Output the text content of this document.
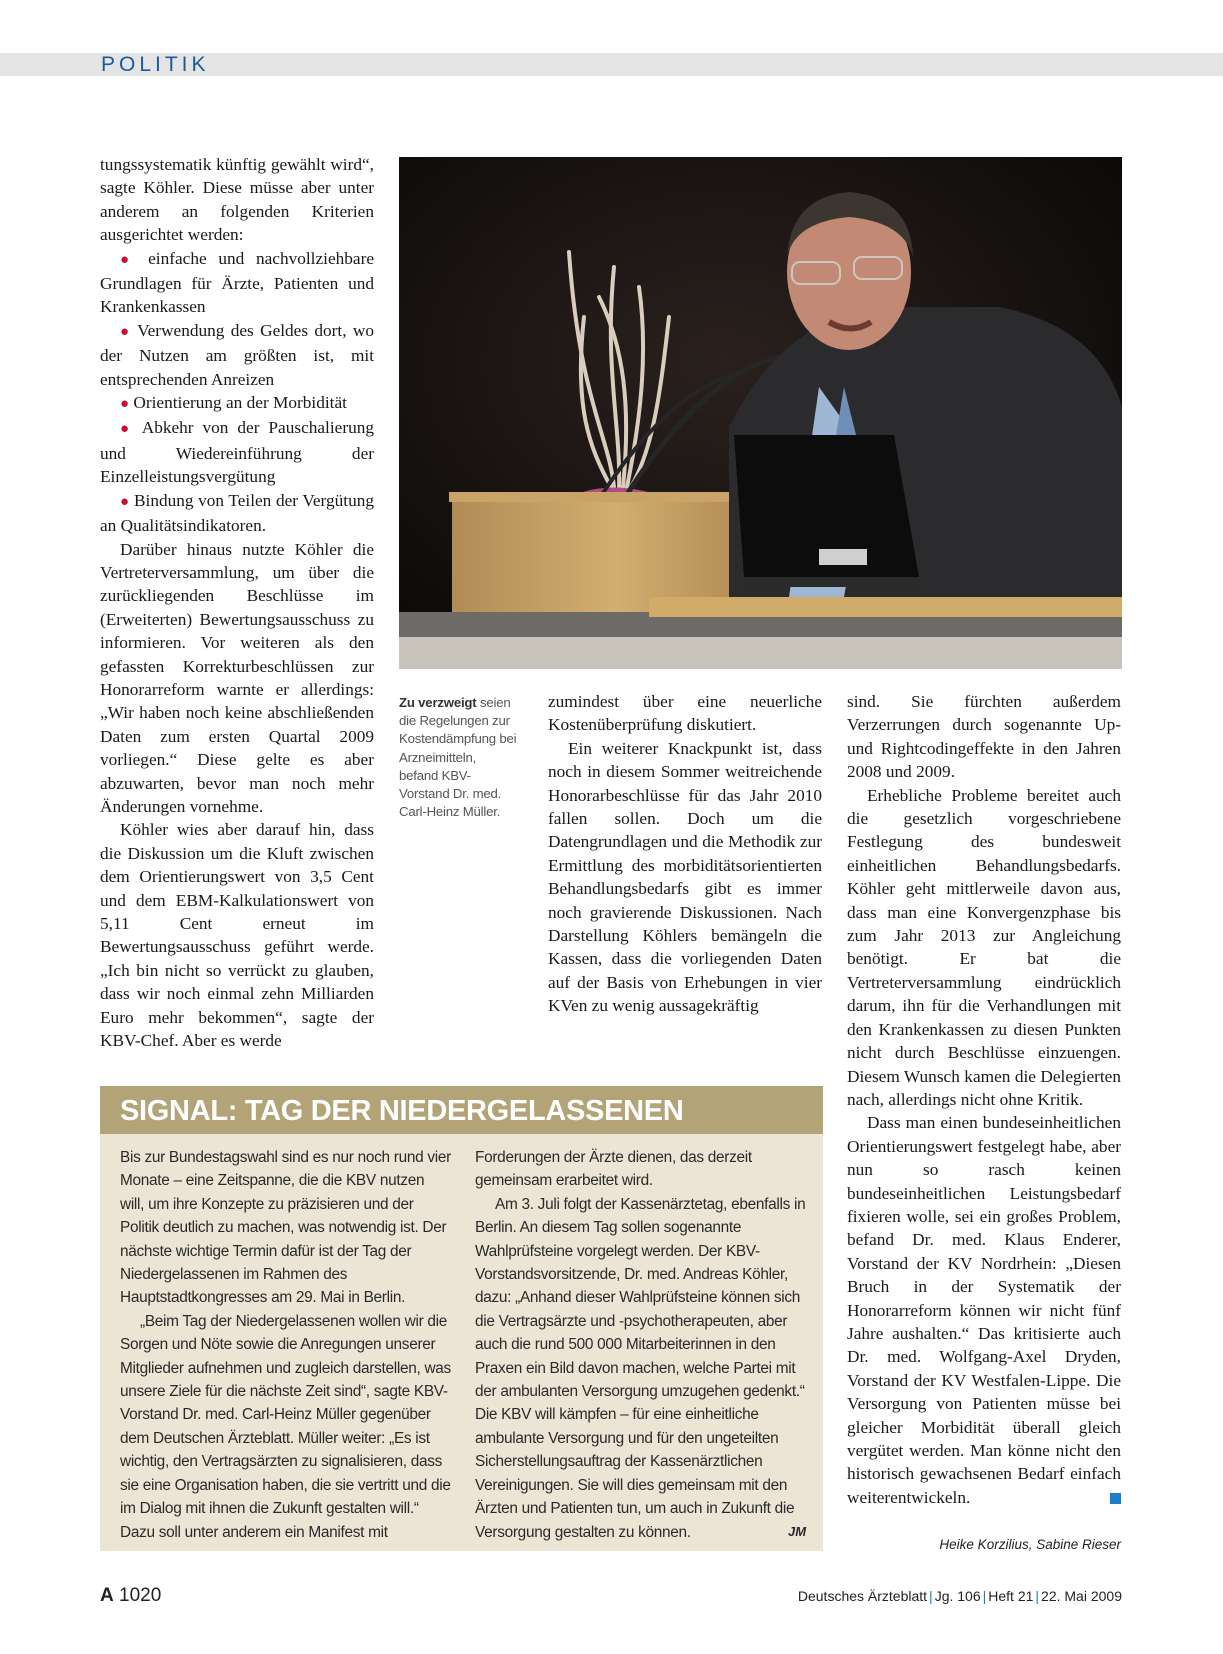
POLITIK

tungssystematik künftig gewählt wird“, sagte Köhler. Diese müsse aber unter anderem an folgenden Kriterien ausgerichtet werden:

● einfache und nachvollziehbare Grundlagen für Ärzte, Patienten und Krankenkassen
● Verwendung des Geldes dort, wo der Nutzen am größten ist, mit entsprechenden Anreizen
● Orientierung an der Morbidität
● Abkehr von der Pauschalierung und Wiedereinführung der Einzelleistungsvergütung
● Bindung von Teilen der Vergütung an Qualitätsindikatoren.

Darüber hinaus nutzte Köhler die Vertreterversammlung, um über die zurückliegenden Beschlüsse im (Erweiterten) Bewertungsausschuss zu informieren. Vor weiteren als den gefassten Korrekturbeschlüssen zur Honorarreform warnte er allerdings: „Wir haben noch keine abschließenden Daten zum ersten Quartal 2009 vorliegen.“ Diese gelte es aber abzuwarten, bevor man noch mehr Änderungen vornehme.

Köhler wies aber darauf hin, dass die Diskussion um die Kluft zwischen dem Orientierungswert von 3,5 Cent und dem EBM-Kalkulationswert von 5,11 Cent erneut im Bewertungsausschuss geführt werde. „Ich bin nicht so verrückt zu glauben, dass wir noch einmal zehn Milliarden Euro mehr bekommen“, sagte der KBV-Chef. Aber es werde

Zu verzweigt seien die Regelungen zur Kostendämpfung bei Arzneimitteln, befand KBV-Vorstand Dr. med. Carl-Heinz Müller.

zumindest über eine neuerliche Kostenüberprüfung diskutiert.

Ein weiterer Knackpunkt ist, dass noch in diesem Sommer weitreichende Honorarbeschlüsse für das Jahr 2010 fallen sollen. Doch um die Datengrundlagen und die Methodik zur Ermittlung des morbiditätsorientierten Behandlungsbedarfs gibt es immer noch gravierende Diskussionen. Nach Darstellung Köhlers bemängeln die Kassen, dass die vorliegenden Daten auf der Basis von Erhebungen in vier KVen zu wenig aussagekräftig

sind. Sie fürchten außerdem Verzerrungen durch sogenannte Up- und Rightcodingeffekte in den Jahren 2008 und 2009.

Erhebliche Probleme bereitet auch die gesetzlich vorgeschriebene Festlegung des bundesweit einheitlichen Behandlungsbedarfs. Köhler geht mittlerweile davon aus, dass man eine Konvergenzphase bis zum Jahr 2013 zur Angleichung benötigt. Er bat die Vertreterversammlung eindrücklich darum, ihn für die Verhandlungen mit den Krankenkassen zu diesen Punkten nicht durch Beschlüsse einzuengen. Diesem Wunsch kamen die Delegierten nach, allerdings nicht ohne Kritik.

Dass man einen bundeseinheitlichen Orientierungswert festgelegt habe, aber nun so rasch keinen bundeseinheitlichen Leistungsbedarf fixieren wolle, sei ein großes Problem, befand Dr. med. Klaus Enderer, Vorstand der KV Nordrhein: „Diesen Bruch in der Systematik der Honorarreform können wir nicht fünf Jahre aushalten.“ Das kritisierte auch Dr. med. Wolfgang-Axel Dryden, Vorstand der KV Westfalen-Lippe. Die Versorgung von Patienten müsse bei gleicher Morbidität überall gleich vergütet werden. Man könne nicht den historisch gewachsenen Bedarf einfach weiterentwickeln.

Heike Korzilius, Sabine Rieser
SIGNAL: TAG DER NIEDERGELASSENEN

Bis zur Bundestagswahl sind es nur noch rund vier Monate – eine Zeitspanne, die die KBV nutzen will, um ihre Konzepte zu präzisieren und der Politik deutlich zu machen, was notwendig ist. Der nächste wichtige Termin dafür ist der Tag der Niedergelassenen im Rahmen des Hauptstadtkongresses am 29. Mai in Berlin.

„Beim Tag der Niedergelassenen wollen wir die Sorgen und Nöte sowie die Anregungen unserer Mitglieder aufnehmen und zugleich darstellen, was unsere Ziele für die nächste Zeit sind“, sagte KBV-Vorstand Dr. med. Carl-Heinz Müller gegenüber dem Deutschen Ärzteblatt. Müller weiter: „Es ist wichtig, den Vertragsärzten zu signalisieren, dass sie eine Organisation haben, die sie vertritt und die im Dialog mit ihnen die Zukunft gestalten will.“ Dazu soll unter anderem ein Manifest mit

Forderungen der Ärzte dienen, das derzeit gemeinsam erarbeitet wird.

Am 3. Juli folgt der Kassenärztetag, ebenfalls in Berlin. An diesem Tag sollen sogenannte Wahlprüfsteine vorgelegt werden. Der KBV-Vorstandsvorsitzende, Dr. med. Andreas Köhler, dazu: „Anhand dieser Wahlprüfsteine können sich die Vertragsärzte und -psychotherapeuten, aber auch die rund 500 000 Mitarbeiterinnen in den Praxen ein Bild davon machen, welche Partei mit der ambulanten Versorgung umzugehen gedenkt.“ Die KBV will kämpfen – für eine einheitliche ambulante Versorgung und für den ungeteilten Sicherstellungsauftrag der Kassenärztlichen Vereinigungen. Sie will dies gemeinsam mit den Ärzten und Patienten tun, um auch in Zukunft die Versorgung gestalten zu können.	JM
A 1020	Deutsches Ärzteblatt | Jg. 106 | Heft 21 | 22. Mai 2009
